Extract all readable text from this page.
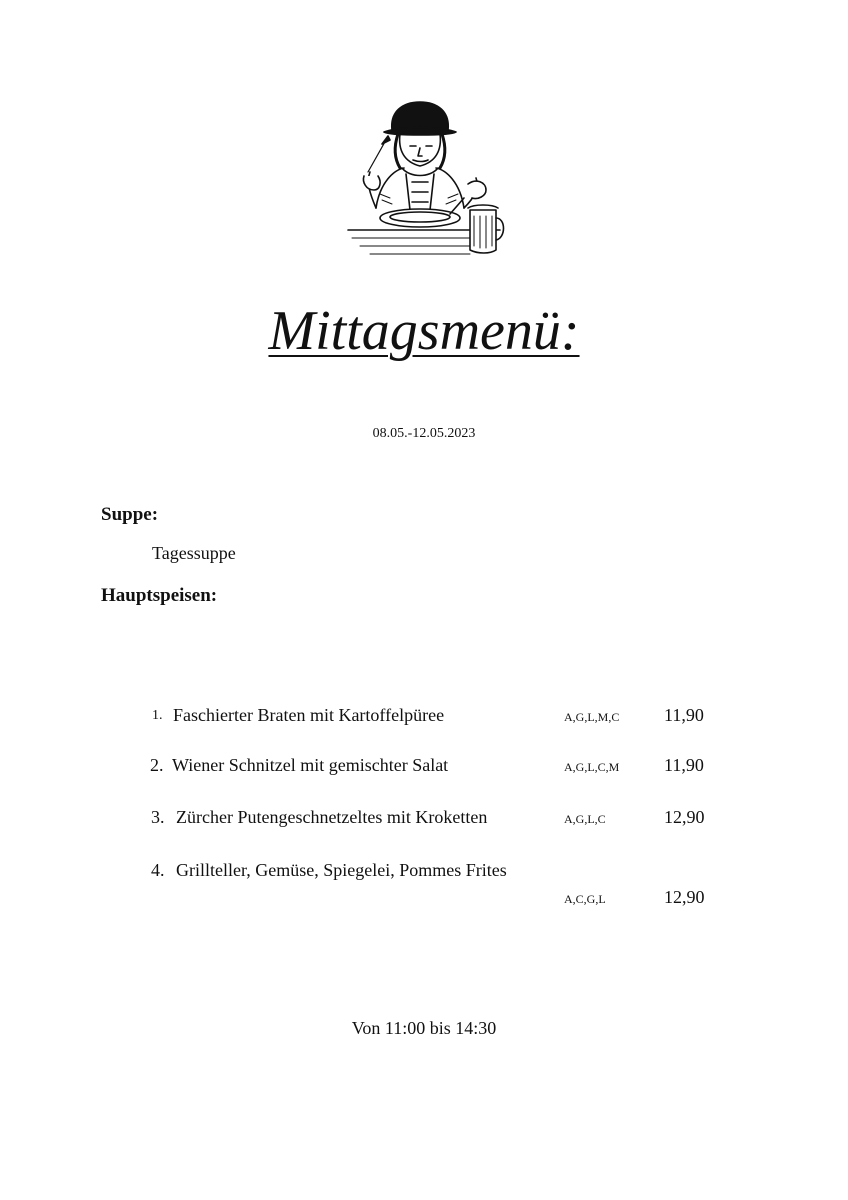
Mittagsmenü:
08.05.-12.05.2023
Suppe:
Tagessuppe
Hauptspeisen:
1. Faschierter Braten mit Kartoffelpüree	A,G,L,M,C 11,90
2. Wiener Schnitzel mit gemischter Salat	A,G,L,C,M 11,90
3. Zürcher Putengeschnetzeltes mit Kroketten	A,G,L,C	12,90
4. Grillteller, Gemüse, Spiegelei, Pommes Frites
A,C,G,L	12,90
Von 11:00 bis 14:30
